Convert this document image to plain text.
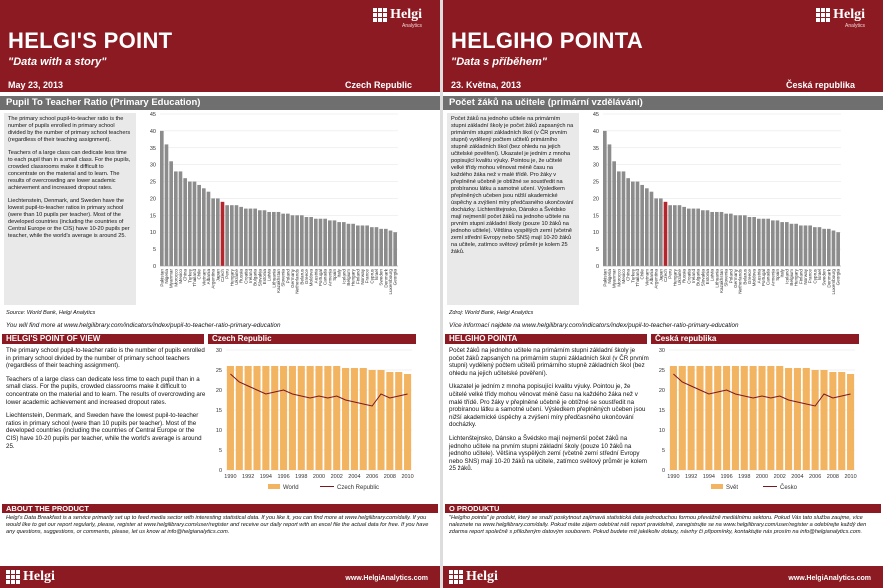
Helgi
Analytics
HELGI'S POINT
"Data with a story"
May 23, 2013	Czech Republic
Pupil To Teacher Ratio (Primary Education)

The primary school pupil-to-teacher ratio is the number of pupils enrolled in primary school divided by the number of primary school teachers (regardless of their teaching assignment).

Teachers of a large class can dedicate less time to each pupil than in a small class. For the pupils, crowded classrooms make it difficult to concentrate on the material and to learn. The results of overcrowding are lower academic achievement and increased dropout rates.

Liechtenstein, Denmark, and Sweden have the lowest pupil-to-teacher ratios in primary school (were than 10 pupils per teacher). Most of the developed countries (including the countries of Central Europe or the CIS) have 10-20 pupils per teacher, while the world's average is around 25.

0
5
10
15
20
25
30
35
40
45
Pakistan Nigeria Myanmar Morocco Mexico China Turkey Thailand Chile Vietnam Albania Argentina Japan Czech Peru Hungary Ukraine Russia Croatia Ireland Bulgaria Slovakia Estonia Latvia Lithuania Kazakhstan Slovenia Poland Germany Netherlands Belarus Greece Moldova Austria Portugal Canada Armenia Spain Italy Iceland Belgium Hungary Finland Norway France Cyprus Israel Sweden Denmark Luxembourg Georgia
Source: World Bank, Helgi Analytics
You will find more at www.helgilibrary.com/indicators/index/pupil-to-teacher-ratio-primary-education
HELGI'S POINT OF VIEW

The primary school pupil-to-teacher ratio is the number of pupils enrolled in primary school divided by the number of primary school teachers (regardless of their teaching assignment).

Teachers of a large class can dedicate less time to each pupil than in a small class. For the pupils, crowded classrooms make it difficult to concentrate on the material and to learn. The results of overcrowding are lower academic achievement and increased dropout rates.

Liechtenstein, Denmark, and Sweden have the lowest pupil-to-teacher ratios in primary school (were than 10 pupils per teacher). Most of the developed countries (including the countries of Central Europe or the CIS) have 10-20 pupils per teacher, while the world's average is around 25.

Czech Republic
0
5
10
15
20
25
30
1990 1992 1994 1996 1998 2000 2002 2004 2006 2008 2010
World	Czech Republic
ABOUT THE PRODUCT
Helgi's Data Breakfast is a service primarily set up to feed media sector with interesting statistical data. If you like it, you can find more at www.helgilibrary.com/daily. If you would like to get our report regularly, please, register at www.helgilibrary.com/user/register and receive our daily report with an excel file the actual data for free. If you have any questions, suggestions, or comments, please, let us know at info@helgianalytics.com.
Helgi	www.HelgiAnalytics.com
Helgi
Analytics
HELGIHO POINTA
"Data s příběhem"
23. Května, 2013	Česká republika
Počet žáků na učitele (primární vzdělávání)

Počet žáků na jednoho učitele na primárním stupni základní školy je počet žáků zapsaných na primárním stupni základních škol (v ČR prvním stupni) vydělený počtem učitelů primárního stupně základních škol (bez ohledu na jejich učitelské pověření). Ukazatel je jedním z mnoha popisující kvalitu výuky. Pointou je, že učitelé velké třídy mohou věnovat méně času na každého žáka než v malé třídě. Pro žáky v přeplněné učebně je obtížné se soustředit na probíranou látku a samotné učení. Výsledkem přeplněných učeben jsou nižší akademické úspěchy a zvýšení míry předčasného ukončování docházky. Lichtenštejnsko, Dánsko a Švédsko mají nejmenší počet žáků na jednoho učitele na prvním stupni základní školy (pouze 10 žáků na jednoho učitele). Většina vyspělých zemí (včetně zemí střední Evropy nebo SNS) mají 10-20 žáků na učitele, zatímco světový průměr je kolem 25 žáků.

0
5
10
15
20
25
30
35
40
45
Pakistan Nigeria Myanmar Morocco Mexico China Turkey Thailand Chile Vietnam Albania Argentina Japan Czech Peru Hungary Ukraine Russia Croatia Ireland Bulgaria Slovakia Estonia Latvia Lithuania Kazakhstan Slovenia Poland Germany Netherlands Belarus Greece Moldova Austria Portugal Canada Armenia Spain Italy Iceland Belgium Hungary Finland Norway France Cyprus Israel Sweden Denmark Luxembourg Georgia
Zdroj: World Bank, Helgi Analytics
Více informací najdete na www.helgilibrary.com/indicators/index/pupil-to-teacher-ratio-primary-education
HELGIHO POINTA

Počet žáků na jednoho učitele na primárním stupni základní školy je počet žáků zapsaných na primárním stupni základních škol (v ČR prvním stupni) vydělený počtem učitelů primárního stupně základních škol (bez ohledu na jejich učitelské pověření).

Ukazatel je jedním z mnoha popisující kvalitu výuky. Pointou je, že učitelé velké třídy mohou věnovat méně času na každého žáka než v malé třídě. Pro žáky v přeplněné učebně je obtížné se soustředit na probíranou látku a samotné učení. Výsledkem přeplněných učeben jsou nižší akademické úspěchy a zvýšení míry předčasného ukončování docházky.

Lichtenštejnsko, Dánsko a Švédsko mají nejmenší počet žáků na jednoho učitele na prvním stupni základní školy (pouze 10 žáků na jednoho učitele). Většina vyspělých zemí (včetně zemí střední Evropy nebo SNS) mají 10-20 žáků na učitele, zatímco světový průměr je kolem 25 žáků.

Česká republika
0
5
10
15
20
25
30
1990 1992 1994 1996 1998 2000 2002 2004 2006 2008 2010
Svět	Česko
O PRODUKTU
"Helgiho pointa" je produkt, který se snaží poskytnout zajímavá statistická data jednoduchou formou převážně mediálnímu sektoru. Pokud Vás tato služba zaujme, více naleznete na www.helgilibrary.com/daily. Pokud máte zájem odebírat náš report pravidelně, zaregistrujte se na www.helgilibrary.com/user/register a odebírejte každý den zdarma report společně s přiloženým datovým souborem. Pokud budete mít jakékoliv dotazy, návrhy či připomínky, kontaktujte nás prosím na info@helgianalytics.com.
Helgi	www.HelgiAnalytics.com
